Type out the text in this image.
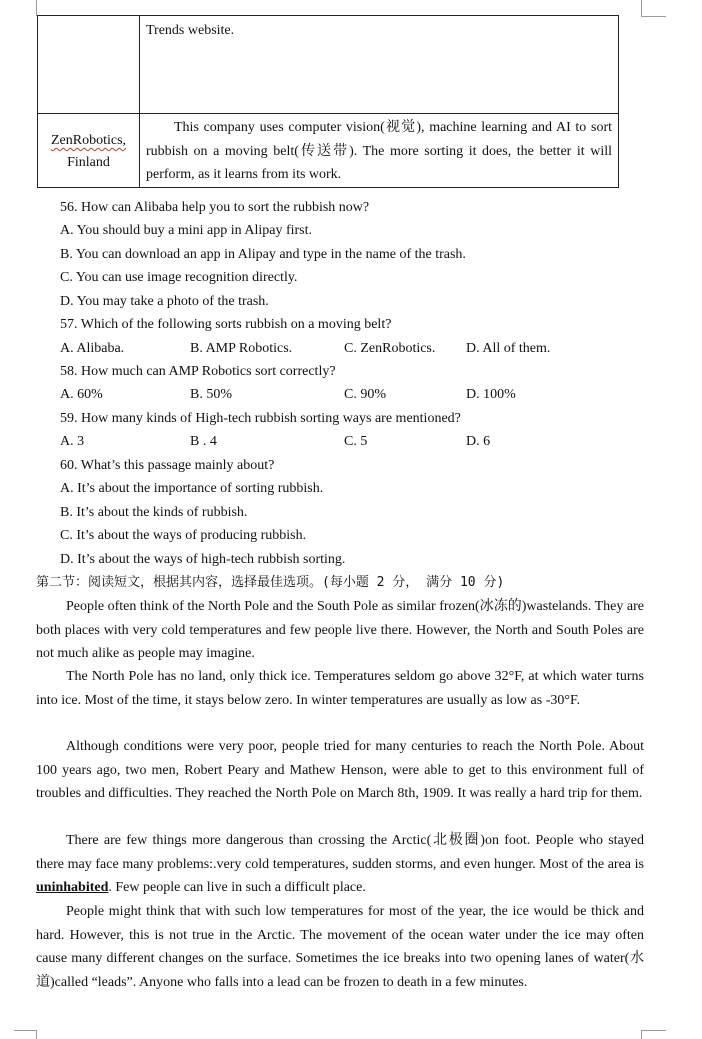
	Trends website.

ZenRobotics,
Finland	This company uses computer vision(视觉), machine learning and AI to sort rubbish on a moving belt(传送带). The more sorting it does, the better it will perform, as it learns from its work.
56. How can Alibaba help you to sort the rubbish now?
A. You should buy a mini app in Alipay first.
B. You can download an app in Alipay and type in the name of the trash.
C. You can use image recognition directly.
D. You may take a photo of the trash.
57. Which of the following sorts rubbish on a moving belt?
A. Alibaba.	B. AMP Robotics.	C. ZenRobotics. D. All of them.
58. How much can AMP Robotics sort correctly?
A. 60%	B. 50%	C. 90%	D. 100%
59. How many kinds of High-tech rubbish sorting ways are mentioned?
A. 3	B . 4	C. 5	D. 6
60. What’s this passage mainly about?
A. It’s about the importance of sorting rubbish.
B. It’s about the kinds of rubbish.
C. It’s about the ways of producing rubbish.
D. It’s about the ways of high-tech rubbish sorting.
第二节：阅读短文，根据其内容，选择最佳选项。(每小题 2 分， 满分 10 分)
People often think of the North Pole and the South Pole as similar frozen(冰冻的)wastelands. They are both places with very cold temperatures and few people live there. However, the North and South Poles are not much alike as people may imagine.
The North Pole has no land, only thick ice. Temperatures seldom go above 32°F, at which water turns into ice. Most of the time, it stays below zero. In winter temperatures are usually as low as -30°F.
Although conditions were very poor, people tried for many centuries to reach the North Pole. About 100 years ago, two men, Robert Peary and Mathew Henson, were able to get to this environment full of troubles and difficulties. They reached the North Pole on March 8th, 1909. It was really a hard trip for them.
There are few things more dangerous than crossing the Arctic(北极圈)on foot. People who stayed there may face many problems:.very cold temperatures, sudden storms, and even hunger. Most of the area is uninhabited. Few people can live in such a difficult place.
People might think that with such low temperatures for most of the year, the ice would be thick and hard. However, this is not true in the Arctic. The movement of the ocean water under the ice may often cause many different changes on the surface. Sometimes the ice breaks into two opening lanes of water(水道)called “leads”. Anyone who falls into a lead can be frozen to death in a few minutes.
